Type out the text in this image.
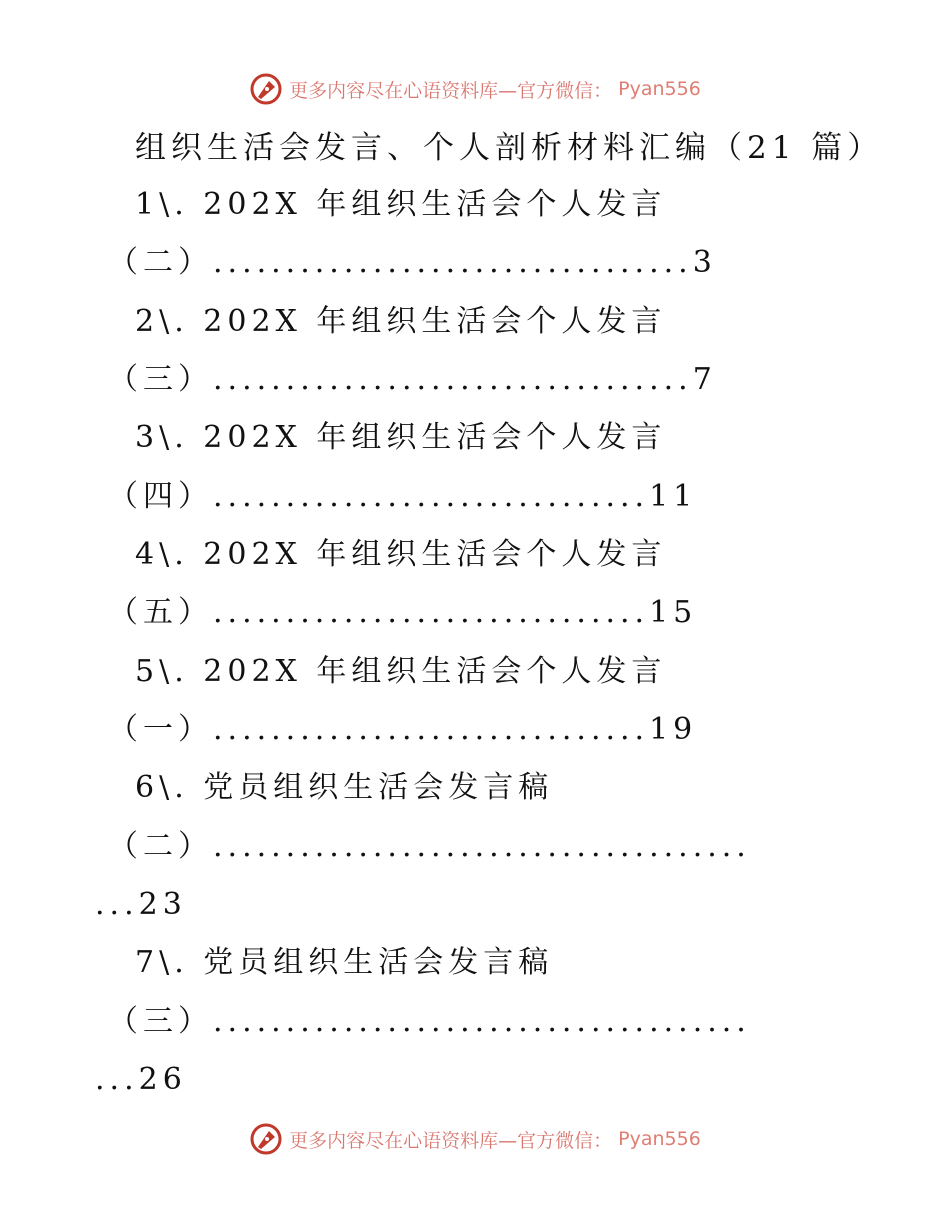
更多内容尽在心语资料库—官方微信： Pyan556
组织生活会发言、个人剖析材料汇编（21 篇）
1\. 202X 年组织生活会个人发言
（二）.................................3
2\. 202X 年组织生活会个人发言
（三）.................................7
3\. 202X 年组织生活会个人发言
（四）..............................11
4\. 202X 年组织生活会个人发言
（五）..............................15
5\. 202X 年组织生活会个人发言
（一）..............................19
6\. 党员组织生活会发言稿
（二）.....................................
...23
7\. 党员组织生活会发言稿
（三）.....................................
...26
更多内容尽在心语资料库—官方微信： Pyan556
